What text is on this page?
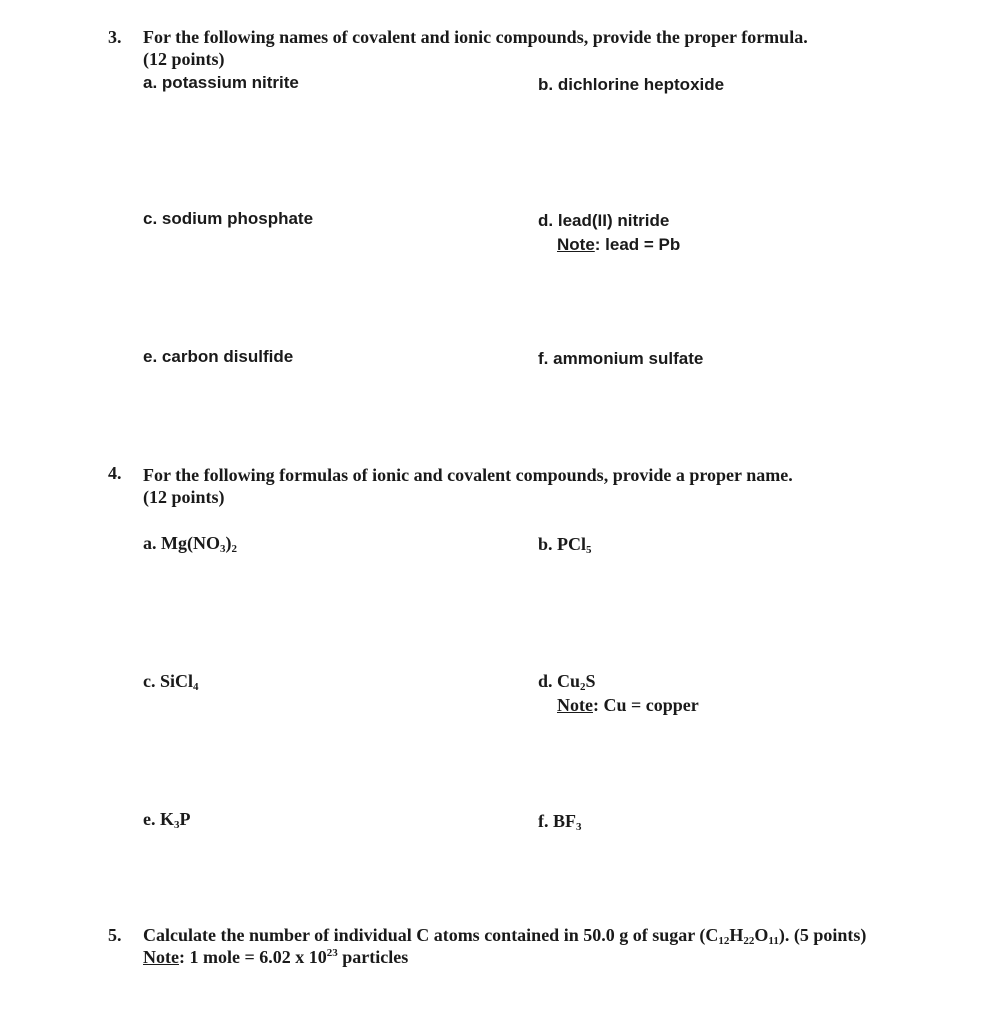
3. For the following names of covalent and ionic compounds, provide the proper formula.
(12 points)
a. potassium nitrite	b. dichlorine heptoxide
c. sodium phosphate	d. lead(II) nitride
Note: lead = Pb
e. carbon disulfide	f. ammonium sulfate
4. For the following formulas of ionic and covalent compounds, provide a proper name.
(12 points)
a. $Mg(NO_3)_2$	b. PCl$_5$
c. SiCl$_4$	d. $Cu_2S$
Note: Cu = copper
e. $K_3P$	f. $BF_3$
5. Calculate the number of individual C atoms contained in 50.0 g of sugar $(C_{12}H_{22}O_{11})$. (5 points)
Note: 1 mole = 6.02 x $10^{23}$ particles
